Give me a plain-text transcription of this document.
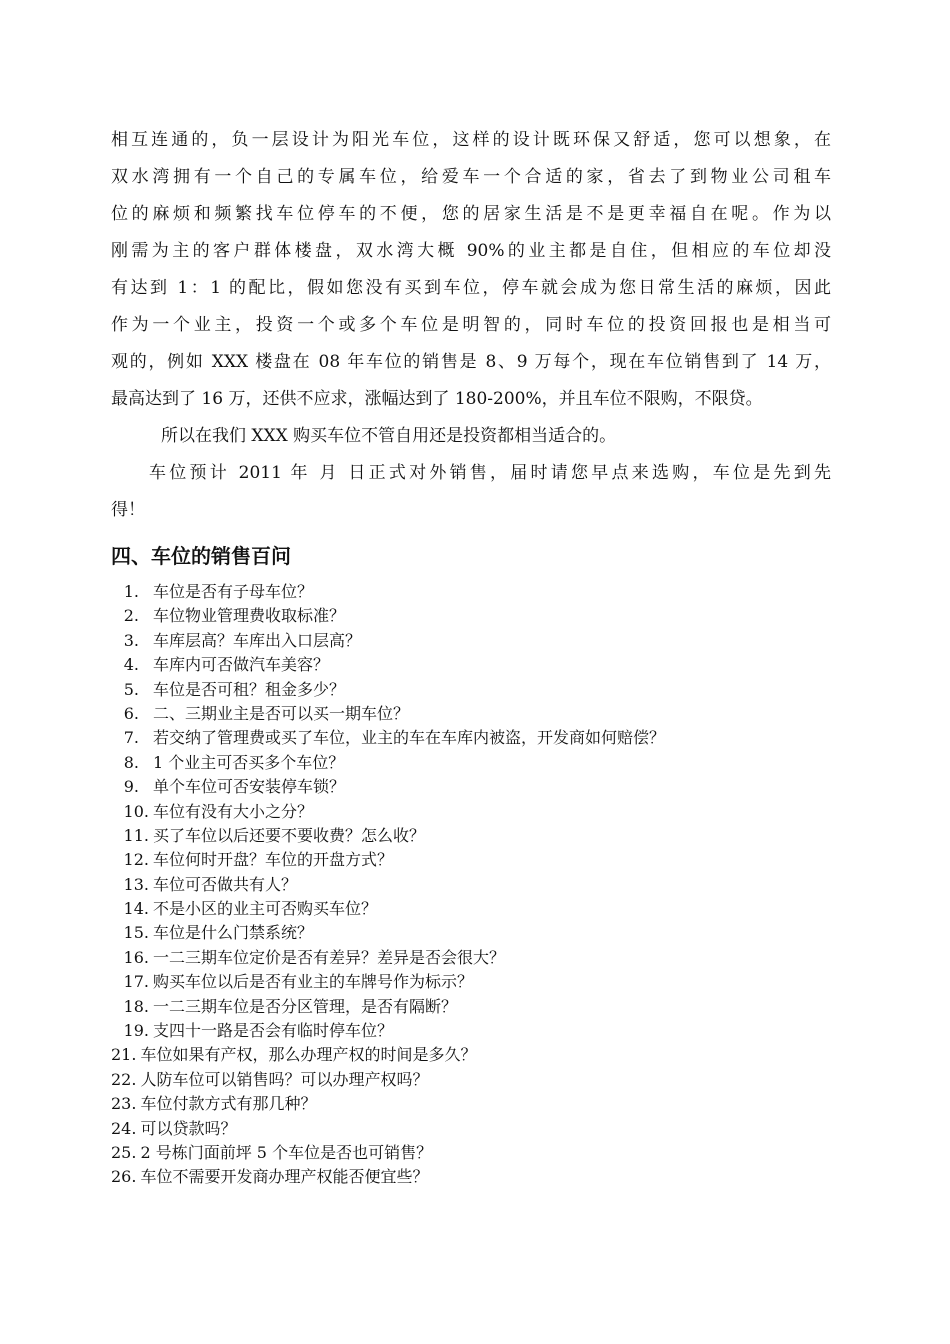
相互连通的，负一层设计为阳光车位，这样的设计既环保又舒适，您可以想象，在
双水湾拥有一个自己的专属车位，给爱车一个合适的家，省去了到物业公司租车
位的麻烦和频繁找车位停车的不便，您的居家生活是不是更幸福自在呢。作为以
刚需为主的客户群体楼盘，双水湾大概 90%的业主都是自住，但相应的车位却没
有达到 1：1 的配比，假如您没有买到车位，停车就会成为您日常生活的麻烦，因此
作为一个业主，投资一个或多个车位是明智的，同时车位的投资回报也是相当可
观的，例如 XXX 楼盘在 08 年车位的销售是 8、9 万每个，现在车位销售到了 14 万，
最高达到了 16 万，还供不应求，涨幅达到了 180-200%，并且车位不限购，不限贷。
所以在我们 XXX 购买车位不管自用还是投资都相当适合的。
车位预计 2011 年 月 日正式对外销售，届时请您早点来选购，车位是先到先
得！
四、车位的销售百问
1. 车位是否有子母车位？
2. 车位物业管理费收取标准？
3. 车库层高？车库出入口层高？
4. 车库内可否做汽车美容？
5. 车位是否可租？租金多少？
6. 二、三期业主是否可以买一期车位？
7. 若交纳了管理费或买了车位，业主的车在车库内被盗，开发商如何赔偿？
8. 1 个业主可否买多个车位？
9. 单个车位可否安装停车锁？
10. 车位有没有大小之分？
11. 买了车位以后还要不要收费？怎么收？
12. 车位何时开盘？车位的开盘方式？
13. 车位可否做共有人？
14. 不是小区的业主可否购买车位？
15. 车位是什么门禁系统？
16. 一二三期车位定价是否有差异？差异是否会很大？
17. 购买车位以后是否有业主的车牌号作为标示？
18. 一二三期车位是否分区管理，是否有隔断？
19. 支四十一路是否会有临时停车位？
21. 车位如果有产权，那么办理产权的时间是多久？
22. 人防车位可以销售吗？可以办理产权吗？
23. 车位付款方式有那几种？
24. 可以贷款吗？
25. 2 号栋门面前坪 5 个车位是否也可销售？
26. 车位不需要开发商办理产权能否便宜些？
